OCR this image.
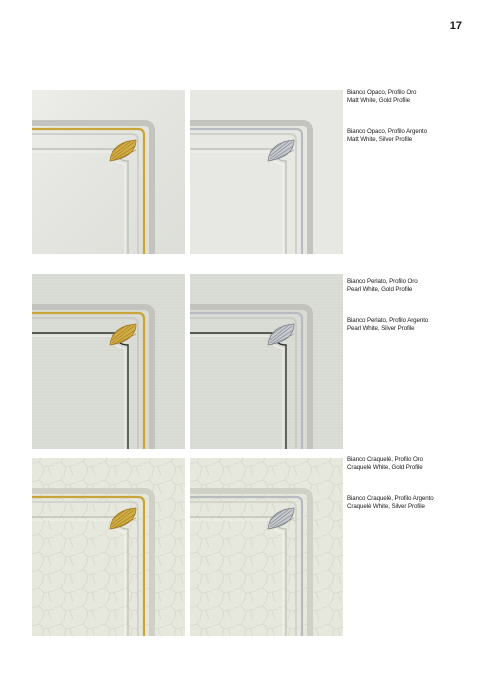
17
Bianco Opaco, Profilo Oro
Matt White, Gold Profile
Bianco Opaco, Profilo Argento
Matt White, Silver Profile
Bianco Perlato, Profilo Oro
Pearl White, Gold Profile
Bianco Perlato, Profilo Argento
Pearl White, Silver Profile
Bianco Craquelè, Profilo Oro
Craquelè White, Gold Profile
Bianco Craquelè, Profilo Argento
Craquelè White, Silver Profile
